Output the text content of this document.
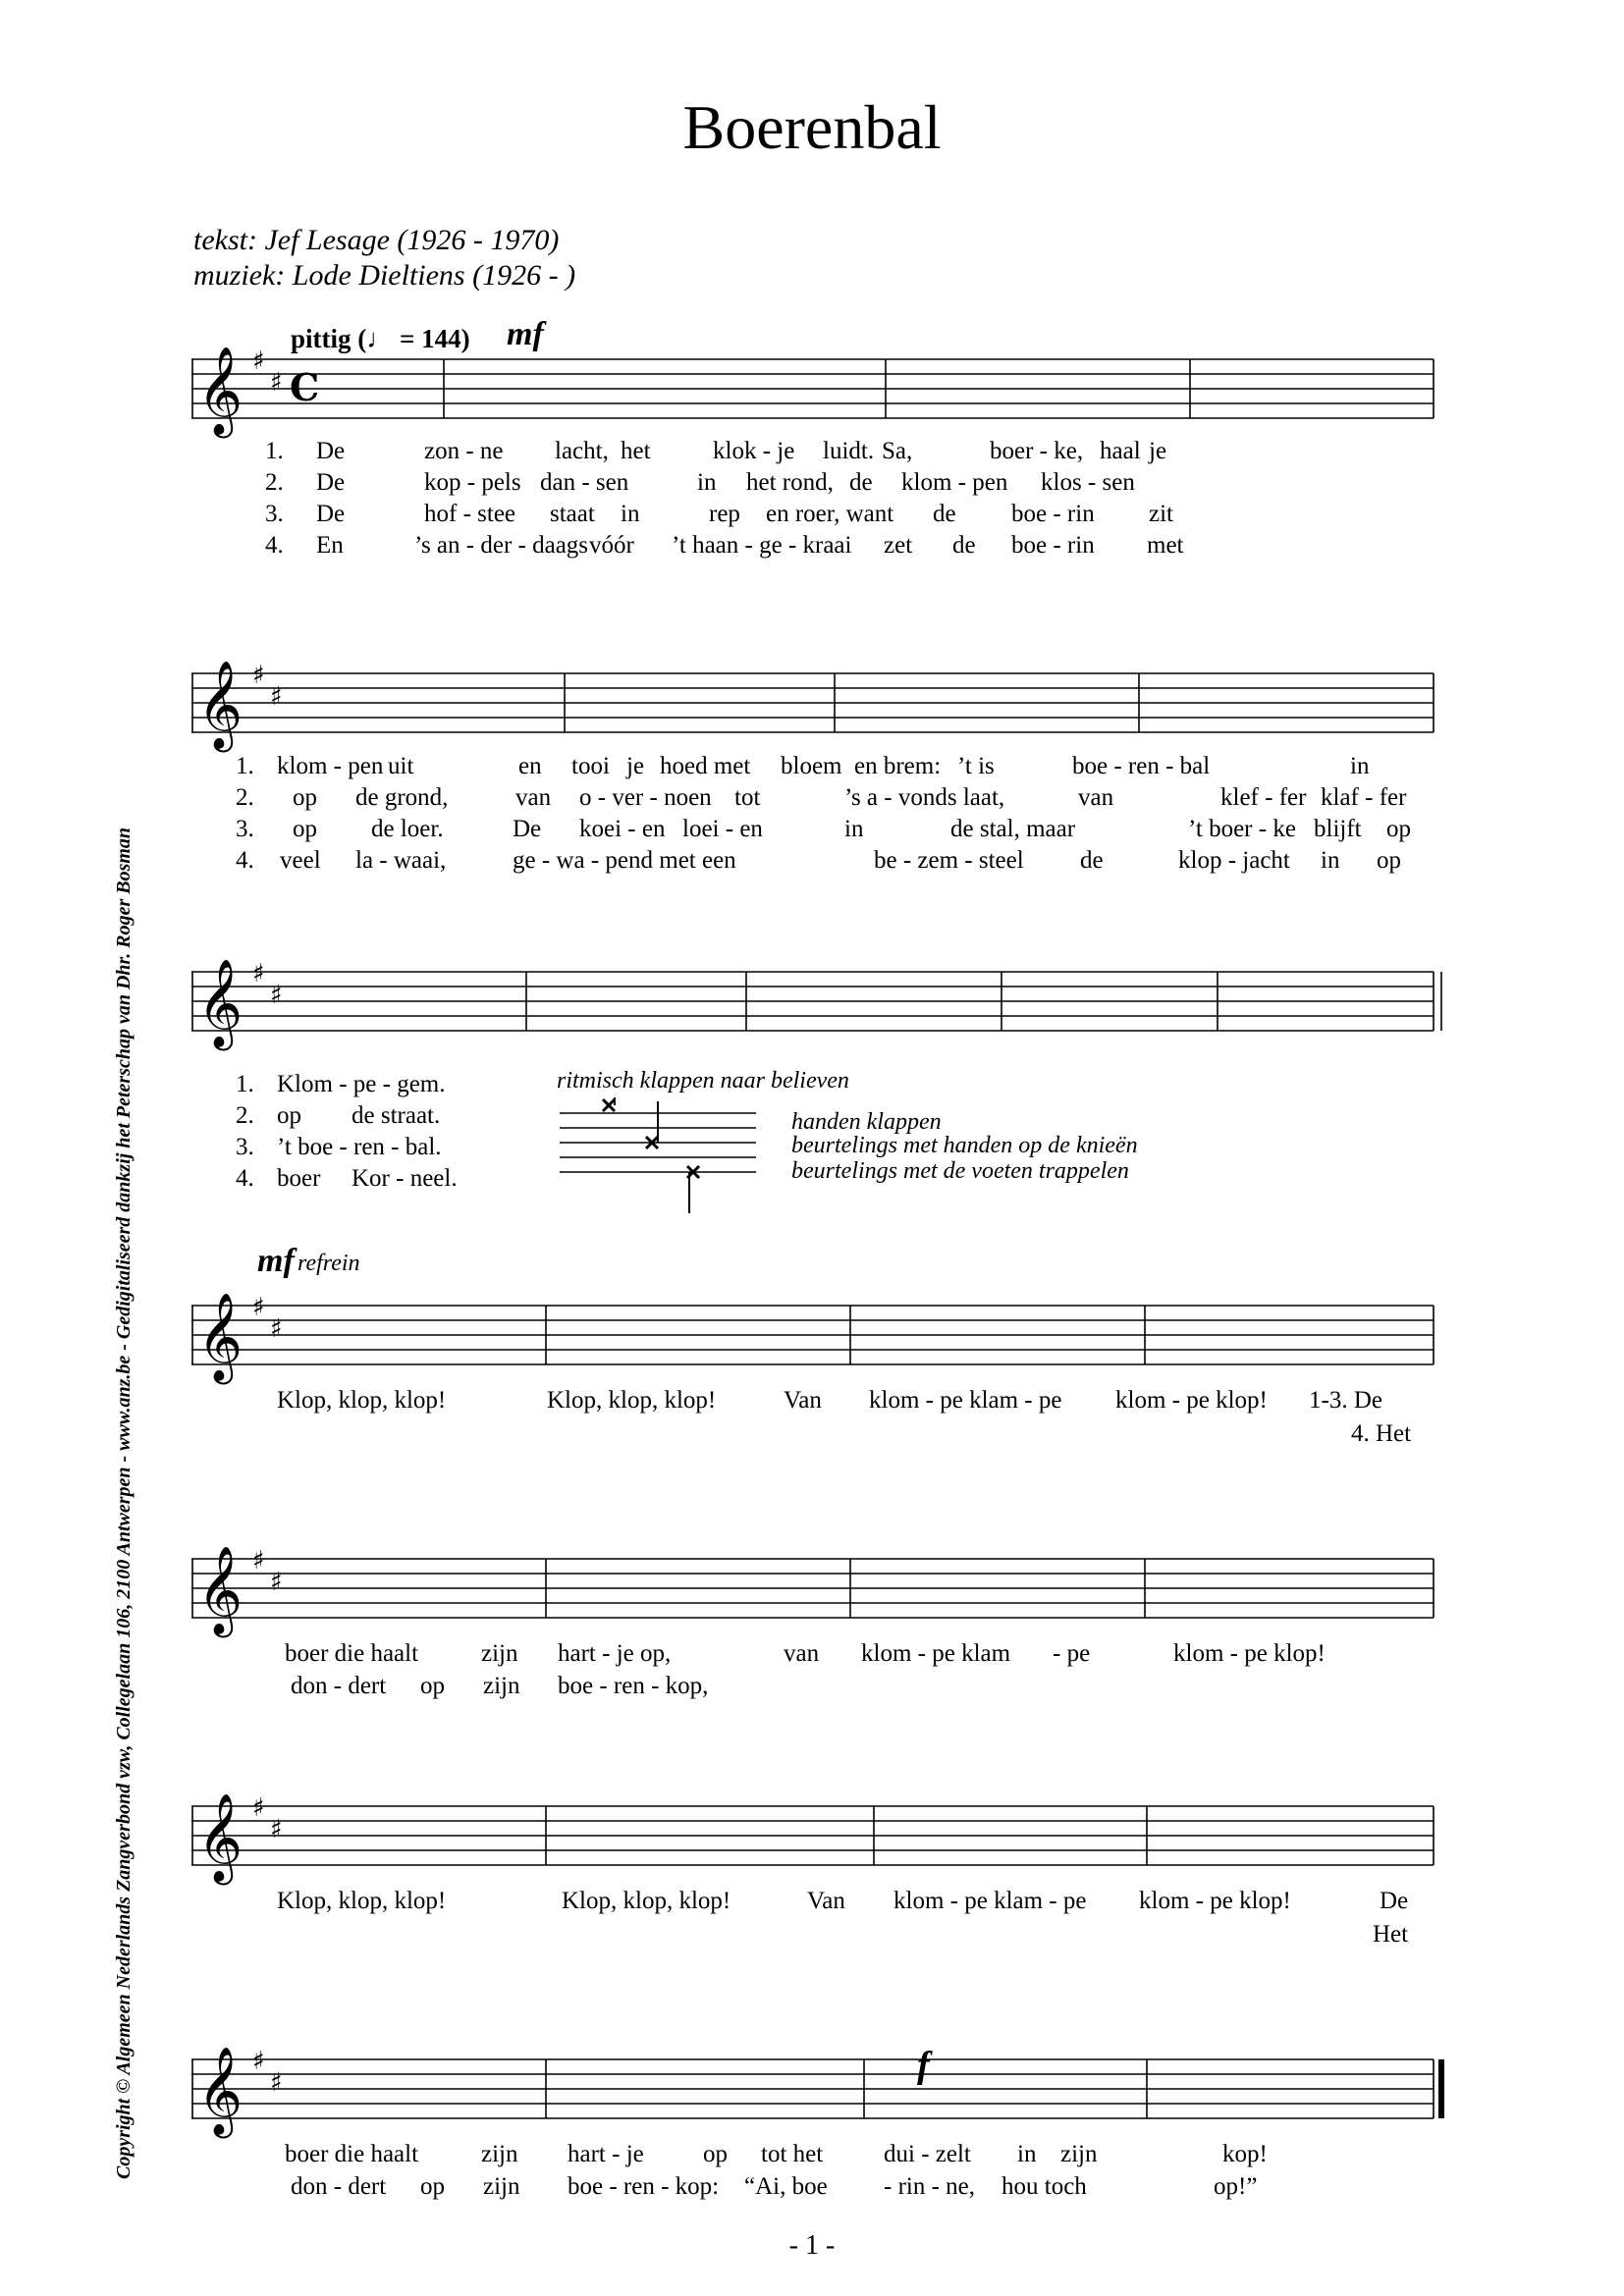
Boerenbal
tekst: Jef Lesage (1926 - 1970)
muziek: Lode Dieltiens (1926 - )
pittig (♩ = 144) mf
𝄞 ♯
♯ C
𝄞 ♯
♯
𝄞 ♯
♯
𝄞 ♯
♯
𝄞 ♯
♯
𝄞 ♯
♯
𝄞 ♯
♯
1. De	zon - ne lacht, het	klok - je luidt. Sa,	boer - ke, haal je
2. De	kop - pels dan - sen	in het rond, de klom - pen klos - sen
3. De	hof - stee staat in	rep en roer, want de boe - rin zit
4. En	’s an - der - daags vóór ’t haan - ge - kraai zet de boe - rin met
1. klom - pen uit	en tooi je hoed met bloem en brem: ’t is	boe - ren - bal	in
2. op de grond,	van o - ver - noen tot	’s a - vonds laat,	van	klef - fer klaf - fer
3. op de loer.	De koei - en loei - en	in	de stal, maar	’t boer - ke blijft op
4. veel la - waai,	ge - wa - pend met een	be - zem - steel de	klop - jacht in op
1. Klom - pe - gem.
2. op de straat.
3. ’t boe - ren - bal.
4. boer Kor - neel.
ritmisch klappen naar believen
handen klappen
beurtelings met handen op de knieën
beurtelings met de voeten trappelen
mf refrein
Klop, klop, klop!	Klop, klop, klop!	Van klom - pe klam - pe klom - pe klop! 1-3. De
4. Het
boer die haalt	zijn hart - je op,	van klom - pe klam - pe	klom - pe klop!
don - dert op zijn boe - ren - kop,
Klop, klop, klop!	Klop, klop, klop!	Van klom - pe klam - pe klom - pe klop!	De
Het
f
boer die haalt	zijn hart - je op tot het dui - zelt in zijn	kop!
don - dert op zijn boe - ren - kop: “Ai, boe - rin - ne, hou toch	op!”
Copyright © Algemeen Nederlands Zangverbond vzw, Collegelaan 106, 2100 Antwerpen - www.anz.be - Gedigitaliseerd dankzij het Peterschap van Dhr. Roger Bosman
- 1 -
